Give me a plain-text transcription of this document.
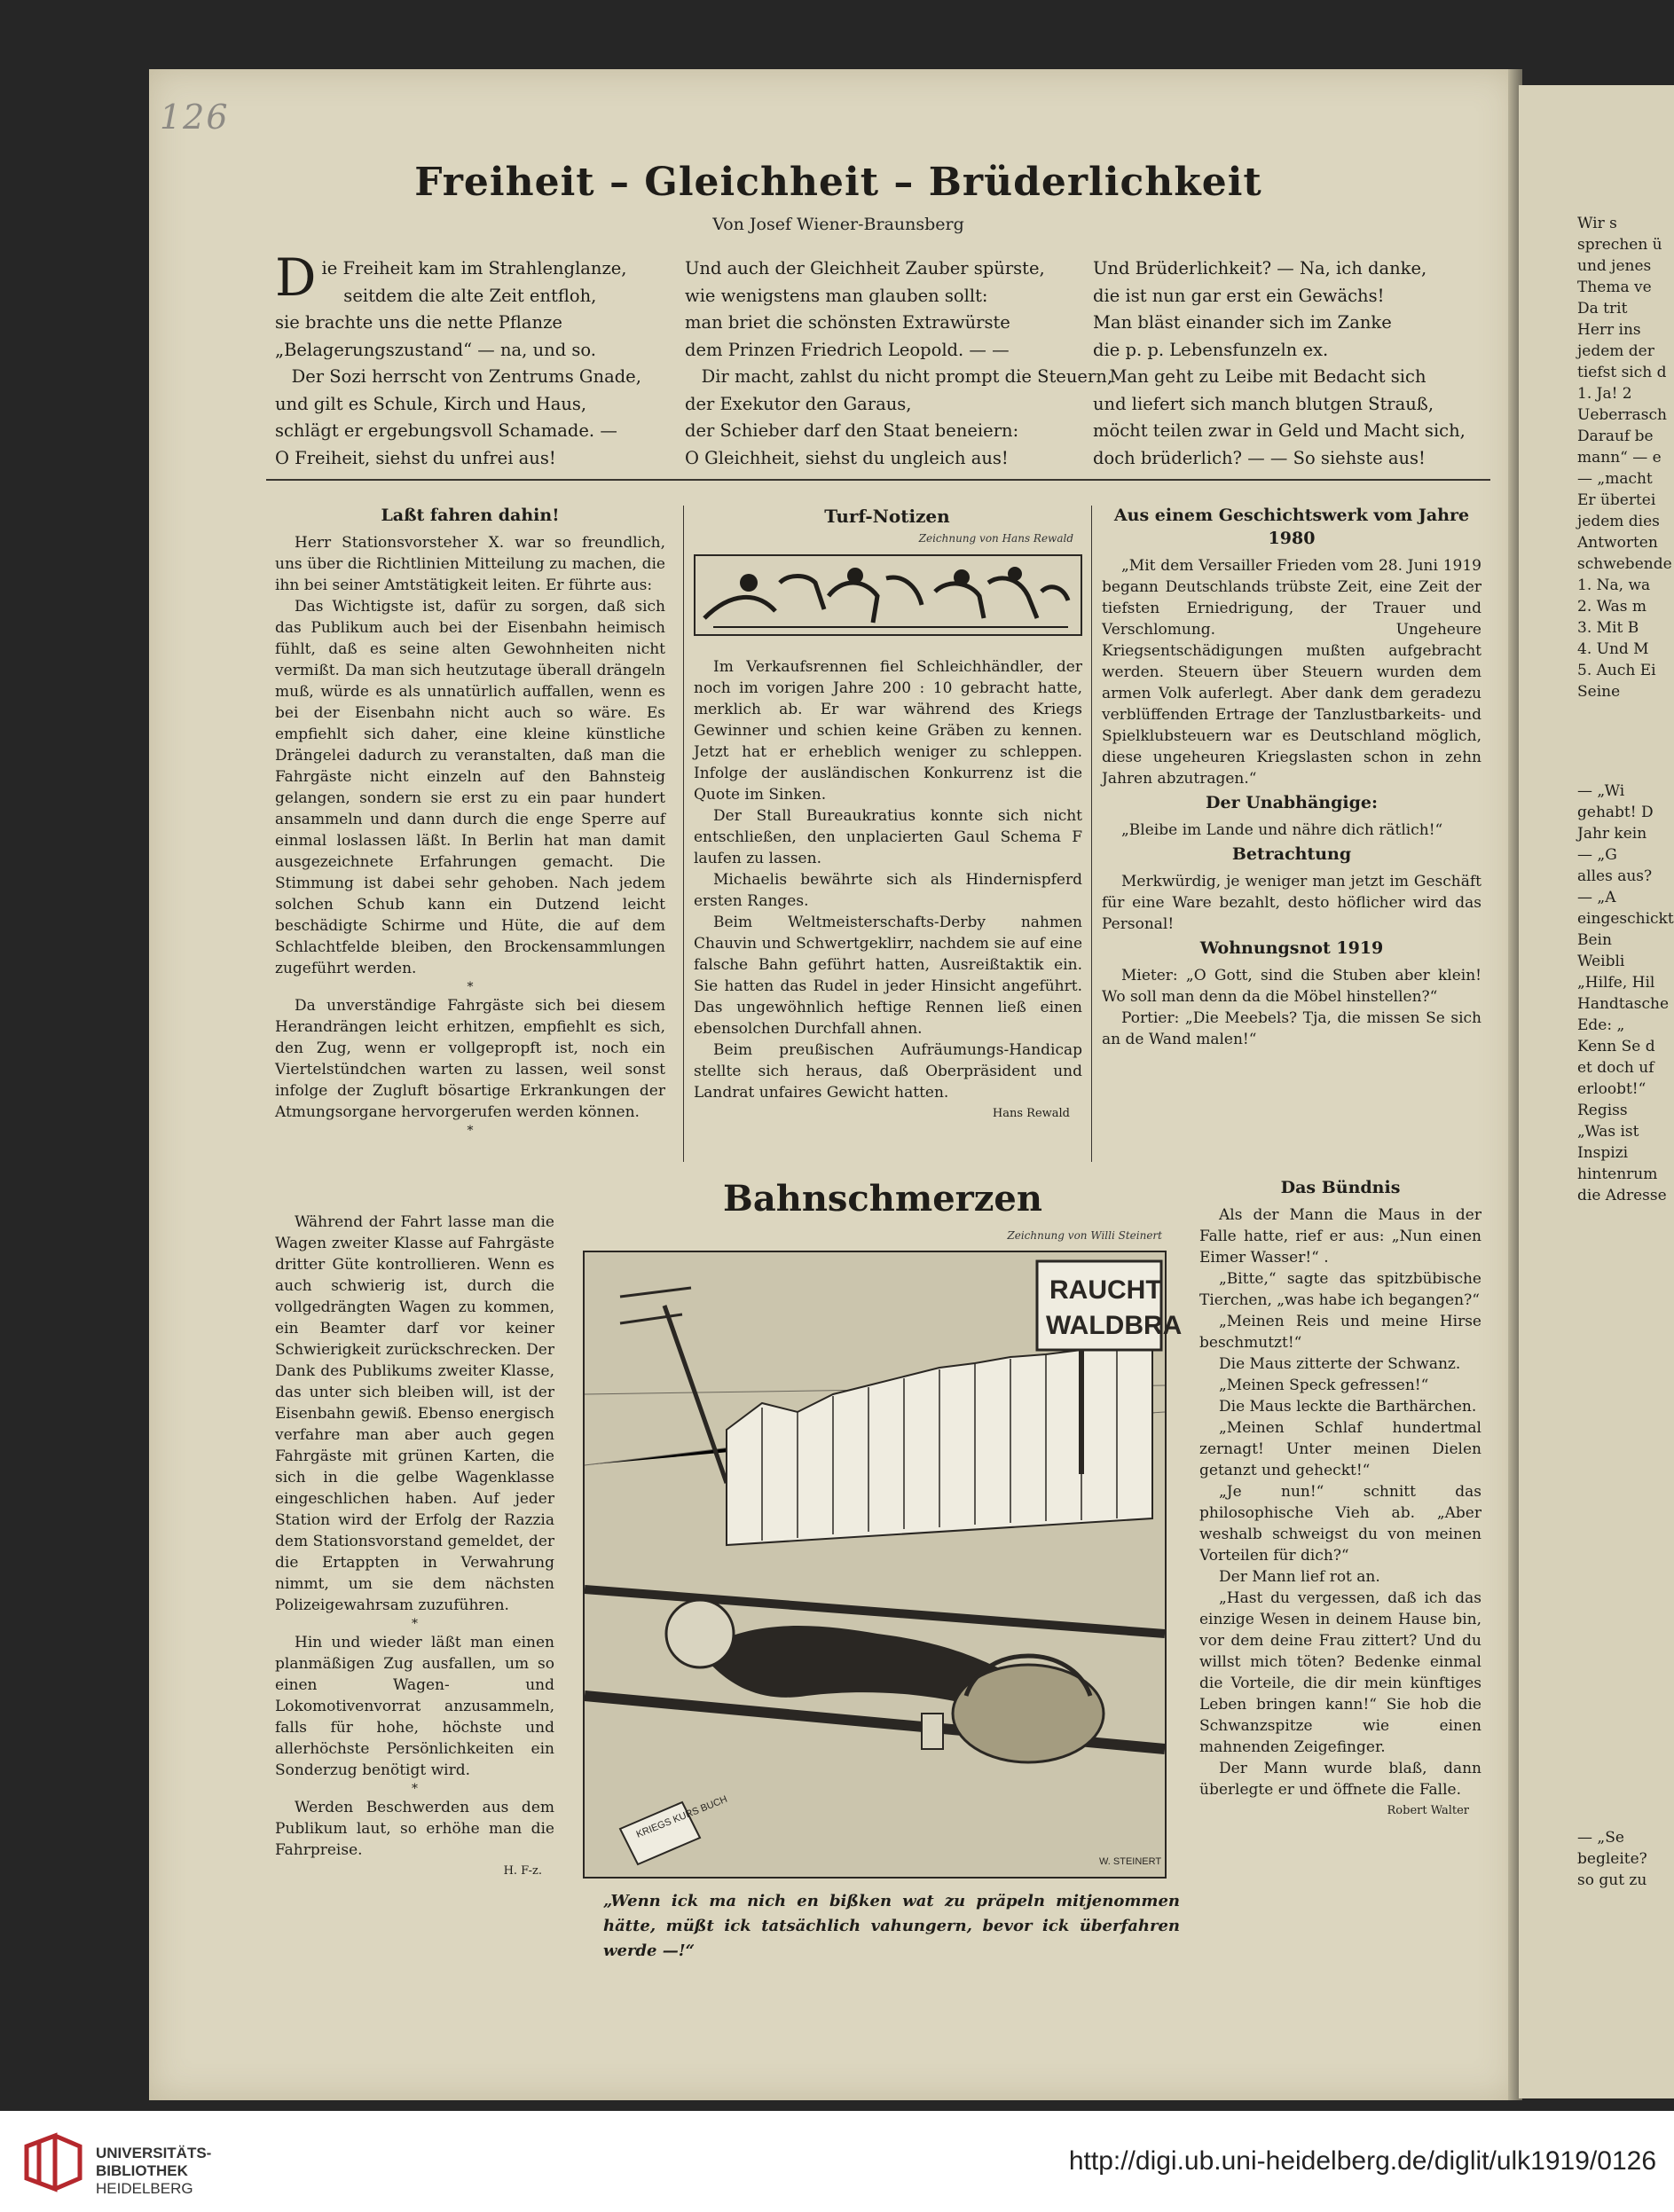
126
Freiheit – Gleichheit – Brüderlichkeit
Von Josef Wiener-Braunsberg
Die Freiheit kam im Strahlenglanze,
seitdem die alte Zeit entfloh,
sie brachte uns die nette Pflanze
„Belagerungszustand“ — na, und so.
Der Sozi herrscht von Zentrums Gnade,
und gilt es Schule, Kirch und Haus,
schlägt er ergebungsvoll Schamade. —
O Freiheit, siehst du unfrei aus!
Und auch der Gleichheit Zauber spürste,
wie wenigstens man glauben sollt:
man briet die schönsten Extrawürste
dem Prinzen Friedrich Leopold. — —
Dir macht, zahlst du nicht prompt die Steuern,
der Exekutor den Garaus,
der Schieber darf den Staat beneiern:
O Gleichheit, siehst du ungleich aus!
Und Brüderlichkeit? — Na, ich danke,
die ist nun gar erst ein Gewächs!
Man bläst einander sich im Zanke
die p. p. Lebensfunzeln ex.
Man geht zu Leibe mit Bedacht sich
und liefert sich manch blutgen Strauß,
möcht teilen zwar in Geld und Macht sich,
doch brüderlich? — — So siehste aus!
Laßt fahren dahin!

Herr Stationsvorsteher X. war so freundlich, uns über die Richtlinien Mitteilung zu machen, die ihn bei seiner Amtstätigkeit leiten. Er führte aus:

Das Wichtigste ist, dafür zu sorgen, daß sich das Publikum auch bei der Eisenbahn heimisch fühlt, daß es seine alten Gewohnheiten nicht vermißt. Da man sich heutzutage überall drängeln muß, würde es als unnatürlich auffallen, wenn es bei der Eisenbahn nicht auch so wäre. Es empfiehlt sich daher, eine kleine künstliche Drängelei dadurch zu veranstalten, daß man die Fahrgäste nicht einzeln auf den Bahnsteig gelangen, sondern sie erst zu ein paar hundert ansammeln und dann durch die enge Sperre auf einmal loslassen läßt. In Berlin hat man damit ausgezeichnete Erfahrungen gemacht. Die Stimmung ist dabei sehr gehoben. Nach jedem solchen Schub kann ein Dutzend leicht beschädigte Schirme und Hüte, die auf dem Schlachtfelde bleiben, den Brockensammlungen zugeführt werden.

*

Da unverständige Fahrgäste sich bei diesem Herandrängen leicht erhitzen, empfiehlt es sich, den Zug, wenn er vollgepropft ist, noch ein Viertelstündchen warten zu lassen, weil sonst infolge der Zugluft bösartige Erkrankungen der Atmungsorgane hervorgerufen werden können.

*

Während der Fahrt lasse man die Wagen zweiter Klasse auf Fahrgäste dritter Güte kontrollieren. Wenn es auch schwierig ist, durch die vollgedrängten Wagen zu kommen, ein Beamter darf vor keiner Schwierigkeit zurückschrecken. Der Dank des Publikums zweiter Klasse, das unter sich bleiben will, ist der Eisenbahn gewiß. Ebenso energisch verfahre man aber auch gegen Fahrgäste mit grünen Karten, die sich in die gelbe Wagenklasse eingeschlichen haben. Auf jeder Station wird der Erfolg der Razzia dem Stationsvorstand gemeldet, der die Ertappten in Verwahrung nimmt, um sie dem nächsten Polizeigewahrsam zuzuführen.

*

Hin und wieder läßt man einen planmäßigen Zug ausfallen, um so einen Wagen- und Lokomotivenvorrat anzusammeln, falls für hohe, höchste und allerhöchste Persönlichkeiten ein Sonderzug benötigt wird.

*

Werden Beschwerden aus dem Publikum laut, so erhöhe man die Fahrpreise.

H. F-z.
Turf-Notizen
Zeichnung von Hans Rewald

Im Verkaufsrennen fiel Schleichhändler, der noch im vorigen Jahre 200 : 10 gebracht hatte, merklich ab. Er war während des Kriegs Gewinner und schien keine Gräben zu kennen. Jetzt hat er erheblich weniger zu schleppen. Infolge der ausländischen Konkurrenz ist die Quote im Sinken.

Der Stall Bureaukratius konnte sich nicht entschließen, den unplacierten Gaul Schema F laufen zu lassen.

Michaelis bewährte sich als Hindernispferd ersten Ranges.

Beim Weltmeisterschafts-Derby nahmen Chauvin und Schwertgeklirr, nachdem sie auf eine falsche Bahn geführt hatten, Ausreißtaktik ein. Sie hatten das Rudel in jeder Hinsicht angeführt. Das ungewöhnlich heftige Rennen ließ einen ebensolchen Durchfall ahnen.

Beim preußischen Aufräumungs-Handicap stellte sich heraus, daß Oberpräsident und Landrat unfaires Gewicht hatten.

Hans Rewald
Aus einem Geschichtswerk vom Jahre 1980

„Mit dem Versailler Frieden vom 28. Juni 1919 begann Deutschlands trübste Zeit, eine Zeit der tiefsten Erniedrigung, der Trauer und Verschlomung. Ungeheure Kriegsentschädigungen mußten aufgebracht werden. Steuern über Steuern wurden dem armen Volk auferlegt. Aber dank dem geradezu verblüffenden Ertrage der Tanzlustbarkeits- und Spielklubsteuern war es Deutschland möglich, diese ungeheuren Kriegslasten schon in zehn Jahren abzutragen.“

Der Unabhängige:

„Bleibe im Lande und nähre dich rätlich!“

Betrachtung

Merkwürdig, je weniger man jetzt im Geschäft für eine Ware bezahlt, desto höflicher wird das Personal!

Wohnungsnot 1919

Mieter: „O Gott, sind die Stuben aber klein! Wo soll man denn da die Möbel hinstellen?“

Portier: „Die Meebels? Tja, die missen Se sich an de Wand malen!“

Das Bündnis

Als der Mann die Maus in der Falle hatte, rief er aus: „Nun einen Eimer Wasser!“ .

„Bitte,“ sagte das spitzbübische Tierchen, „was habe ich begangen?“

„Meinen Reis und meine Hirse beschmutzt!“

Die Maus zitterte der Schwanz.

„Meinen Speck gefressen!“

Die Maus leckte die Barthärchen.

„Meinen Schlaf hundertmal zernagt! Unter meinen Dielen getanzt und geheckt!“

„Je nun!“ schnitt das philosophische Vieh ab. „Aber weshalb schweigst du von meinen Vorteilen für dich?“

Der Mann lief rot an.

„Hast du vergessen, daß ich das einzige Wesen in deinem Hause bin, vor dem deine Frau zittert? Und du willst mich töten? Bedenke einmal die Vorteile, die dir mein künftiges Leben bringen kann!“ Sie hob die Schwanzspitze wie einen mahnenden Zeigefinger.

Der Mann wurde blaß, dann überlegte er und öffnete die Falle.

Robert Walter
Bahnschmerzen
Zeichnung von Willi Steinert
RAUCHT
WALDBRA
KRIEGS KURS BUCH
W. STEINERT
„Wenn ick ma nich en bißken wat zu präpeln mitjenommen hätte, müßt ick tatsächlich vahungern, bevor ick überfahren werde —!“
Wir s
sprechen ü
und jenes
Thema ve
Da trit
Herr ins
jedem der
tiefst sich d
1. Ja! 2
Ueberrasch
Darauf be
mann“ — e
— „macht
Er übertei
jedem dies
Antworten
schwebende
1. Na, wa
2. Was m
3. Mit B
4. Und M
5. Auch Ei
Seine
— „Wi
gehabt! D
Jahr kein
— „G
alles aus?
— „A
eingeschickt
Bein
Weibli
„Hilfe, Hil
Handtasche
Ede: „
Kenn Se d
et doch uf
erloobt!“
Regiss
„Was ist
Inspizi
hintenrum
die Adresse
— „Se
begleite?
so gut zu
UNIVERSITÄTS-
BIBLIOTHEK
HEIDELBERG
http://digi.ub.uni-heidelberg.de/diglit/ulk1919/0126
